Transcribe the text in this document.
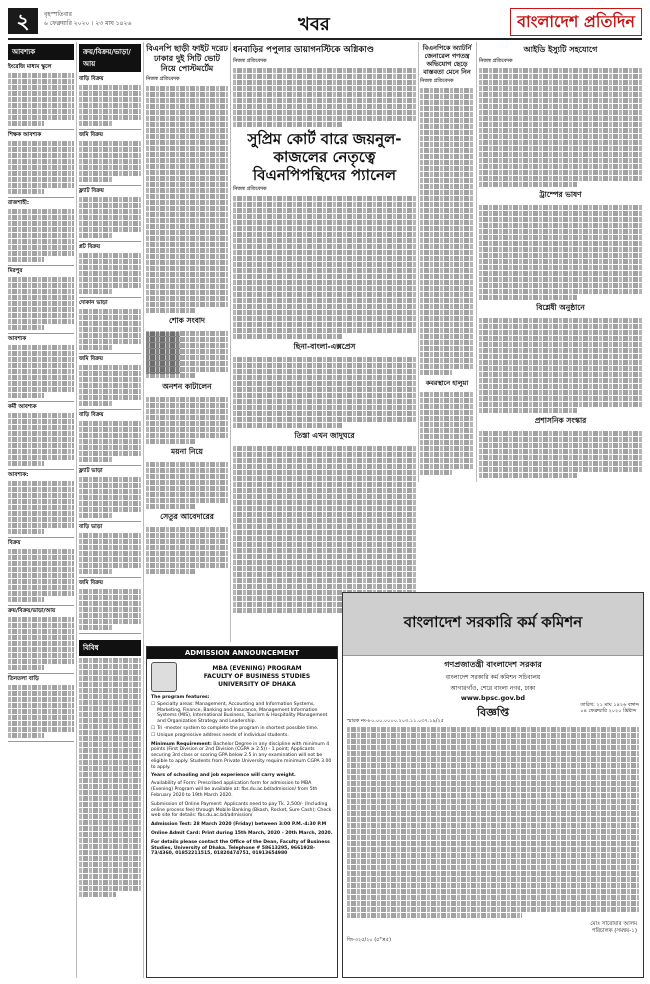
২	বৃহস্পতিবার
৬ ফেব্রুয়ারি ২০২০ । ২৩ মাঘ ১৪২৬	খবর	বাংলাদেশ প্রতিদিন
আবশ্যক
ইংরেজি মাধ্যম স্কুলে
শিক্ষক আবশ্যক
রাজশাহী:
মিরপুর
আবশ্যক
কর্মী আবশ্যক
আবশ্যক:
বিক্রয়
ক্রয়/বিক্রয়/ভাড়া/আয়
তিনতলা বাড়ি
ক্রয়/বিক্রয়/ভাড়া/আয়
বাড়ি বিক্রয়
জমি বিক্রয়
ফ্ল্যাট বিক্রয়
প্লট বিক্রয়
দোকান ভাড়া
জমি বিক্রয়
বাড়ি বিক্রয়
ফ্ল্যাট ভাড়া
বাড়ি ভাড়া
জমি বিক্রয়
বিবিধ
বিএনপি ছাড়ী ফাইট দরেঢ ঢাকার দুই সিটি ভোট নিয়ে পোস্টমর্টেম
নিজস্ব প্রতিবেদক
শোক সংবাদ
অনশন কাটালেন
ময়না নিয়ে
সেতুর আবেদারের
ধনবাড়ির পপুলার ডায়াগনস্টিকে অগ্নিকাণ্ড
নিজস্ব প্রতিবেদক
সুপ্রিম কোর্ট বারে জয়নুল-কাজলের নেতৃত্বে বিএনপিপন্থিদের প্যানেল
নিজস্ব প্রতিবেদক
ছিনা-বাংলা-এক্সপ্রেস
তিস্তা এখন জাদুঘরে
বিএনপিকে অ্যাটর্নি জেনারেল গণতন্ত্র অভিযোগ ছেড়ে বাস্তবতা মেনে নিন
নিজস্ব প্রতিবেদক
কবরস্থানে হালুয়া
আইডি ইস্যুটি সহযোগে
নিজস্ব প্রতিবেদক
ট্রাম্পের ভাষণ
বিশ্লেষী অনুষ্ঠানে
প্রশাসনিক সংস্কার
ADMISSION ANNOUNCEMENT
MBA (EVENING) PROGRAM
FACULTY OF BUSINESS STUDIES
UNIVERSITY OF DHAKA
The program features:
☐ Specialty areas: Management, Accounting and Information Systems, Marketing, Finance, Banking and Insurance, Management Information Systems (MIS), International Business, Tourism & Hospitality Management and Organization Strategy and Leadership.
☐ Tri -mester system to complete the program in shortest possible time.
☐ Unique progressive address needs of individual students.
Minimum Requirement: Bachelor Degree in any discipline with minimum 4 points (First Division or 2nd Division (CGPA ≥ 2.5)) - 1 point; Applicants securing 3rd class or scoring GPA below 2.5 in any examination will not be eligible to apply. Students from Private University require minimum CGPA 3.00 to apply.
Years of schooling and job experience will carry weight.
Availability of Form: Prescribed application form for admission to MBA (Evening) Program will be available at: fbs.du.ac.bd/admission/ from 5th February 2020 to 19th March 2020.
Submission of Online Payment: Applicants need to pay Tk. 2,500/- (Including online process fee) through Mobile Banking (Bkash, Rocket, Sure Cash); Check web site for details: fbs.du.ac.bd/admission/
Admission Test: 28 March 2020 (Friday) between 3:00 P.M.-4:30 P.M
Online Admit Card: Print during 15th March, 2020 - 20th March, 2020.
For details please contact the Office of the Dean, Faculty of Business Studies, University of Dhaka. Telephone # 58613295, 9661928-73/4360, 01852211515, 01820474751, 01913654980
বাংলাদেশ সরকারি কর্ম কমিশন
গণপ্রজাতন্ত্রী বাংলাদেশ সরকার
বাংলাদেশ সরকারি কর্ম কমিশন সচিবালয়
আগারগাঁও, শেরে বাংলা নগর, ঢাকা
www.bpsc.gov.bd
বিজ্ঞপ্তি
তারিখ: ২১ মাঘ ১৪২৬ বঙ্গাব্দ
০৪ ফেব্রুয়ারি ২০২০ খ্রিষ্টাব্দ
স্মারক নং-৮০.০০.০০০০.২০৩.১১.০৩৭.১৯/২৫
মোঃ সারোয়ার আলম
পরিচালক (সমন্বয়-১)
জি-৩২৫/২০ (৫"×৫)
